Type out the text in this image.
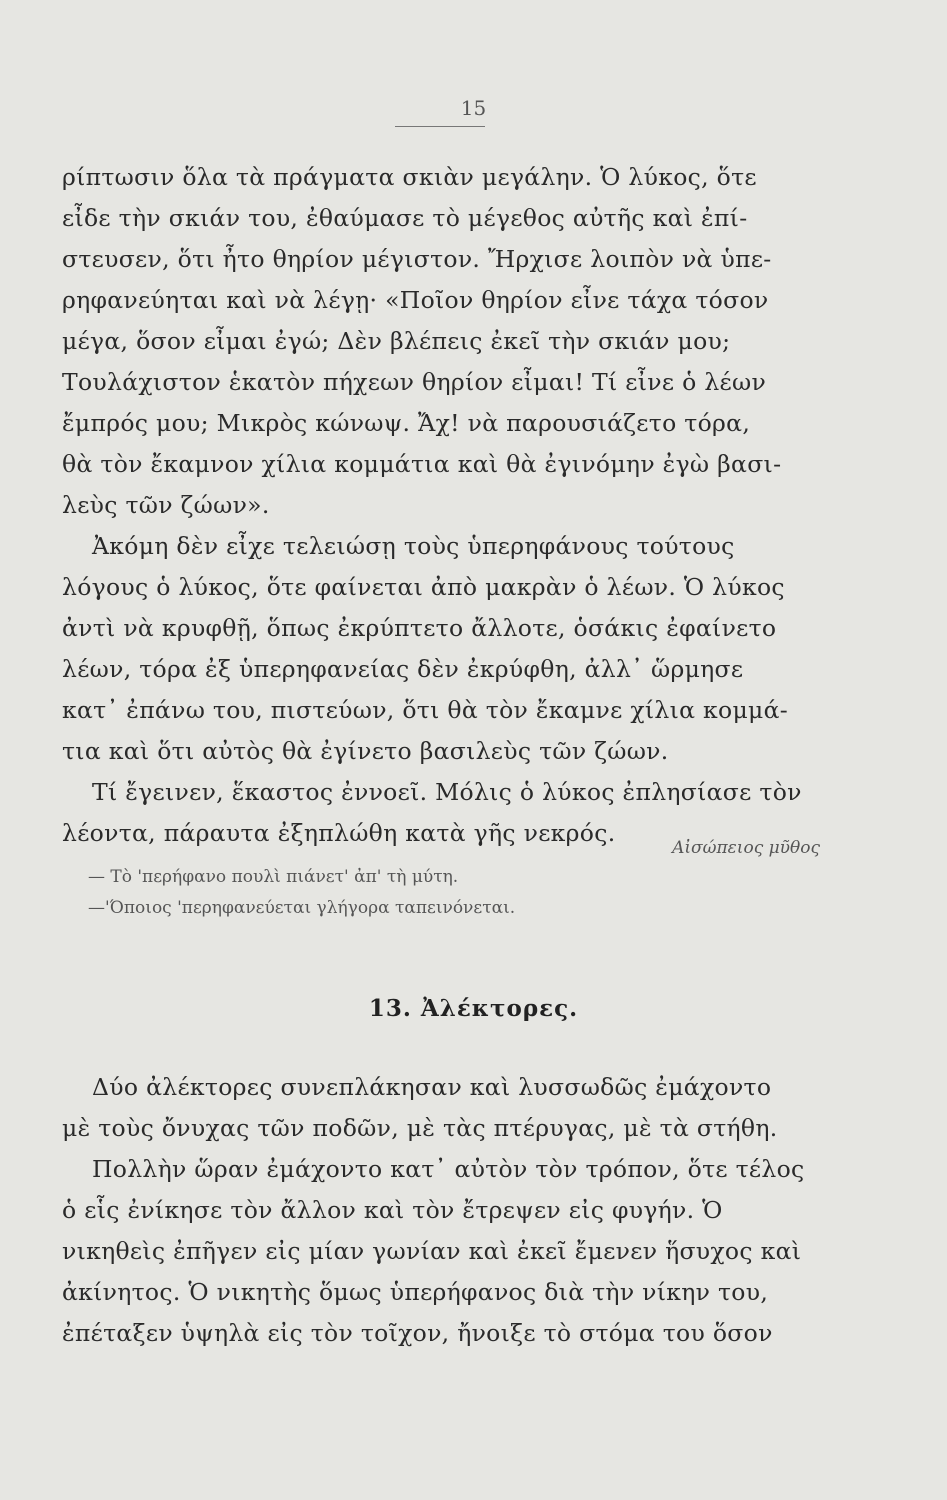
15
ρίπτωσιν ὅλα τὰ πράγματα σκιὰν μεγάλην. Ὁ λύκος, ὅτε
εἶδε τὴν σκιάν του, ἐθαύμασε τὸ μέγεθος αὐτῆς καὶ ἐπί-
στευσεν, ὅτι ἦτο θηρίον μέγιστον. Ἤρχισε λοιπὸν νὰ ὑπε-
ρηφανεύηται καὶ νὰ λέγῃ· «Ποῖον θηρίον εἶνε τάχα τόσον
μέγα, ὅσον εἶμαι ἐγώ; Δὲν βλέπεις ἐκεῖ τὴν σκιάν μου;
Τουλάχιστον ἑκατὸν πήχεων θηρίον εἶμαι! Τί εἶνε ὁ λέων
ἔμπρός μου; Μικρὸς κώνωψ. Ἄχ! νὰ παρουσιάζετο τόρα,
θὰ τὸν ἔκαμνον χίλια κομμάτια καὶ θὰ ἐγινόμην ἐγὼ βασι-
λεὺς τῶν ζώων».
Ἀκόμη δὲν εἶχε τελειώσῃ τοὺς ὑπερηφάνους τούτους
λόγους ὁ λύκος, ὅτε φαίνεται ἀπὸ μακρὰν ὁ λέων. Ὁ λύκος
ἀντὶ νὰ κρυφθῇ, ὅπως ἐκρύπτετο ἄλλοτε, ὁσάκις ἐφαίνετο
λέων, τόρα ἐξ ὑπερηφανείας δὲν ἐκρύφθη, ἀλλ᾽ ὥρμησε
κατ᾽ ἐπάνω του, πιστεύων, ὅτι θὰ τὸν ἔκαμνε χίλια κομμά-
τια καὶ ὅτι αὐτὸς θὰ ἐγίνετο βασιλεὺς τῶν ζώων.
Τί ἔγεινεν, ἕκαστος ἐννοεῖ. Μόλις ὁ λύκος ἐπλησίασε τὸν
λέοντα, πάραυτα ἐξηπλώθη κατὰ γῆς νεκρός.
Αἰσώπειος μῦθος
— Τὸ 'περήφανο πουλὶ πιάνετ' ἀπ' τὴ μύτη.
—'Όποιος 'περηφανεύεται γλήγορα ταπεινόνεται.
13. Ἀλέκτορες.
Δύο ἀλέκτορες συνεπλάκησαν καὶ λυσσωδῶς ἐμάχοντο
μὲ τοὺς ὄνυχας τῶν ποδῶν, μὲ τὰς πτέρυγας, μὲ τὰ στήθη.
Πολλὴν ὥραν ἐμάχοντο κατ᾽ αὐτὸν τὸν τρόπον, ὅτε τέλος
ὁ εἷς ἐνίκησε τὸν ἄλλον καὶ τὸν ἔτρεψεν εἰς φυγήν. Ὁ
νικηθεὶς ἐπῆγεν εἰς μίαν γωνίαν καὶ ἐκεῖ ἔμενεν ἥσυχος καὶ
ἀκίνητος. Ὁ νικητὴς ὅμως ὑπερήφανος διὰ τὴν νίκην του,
ἐπέταξεν ὑψηλὰ εἰς τὸν τοῖχον, ἤνοιξε τὸ στόμα του ὅσον
